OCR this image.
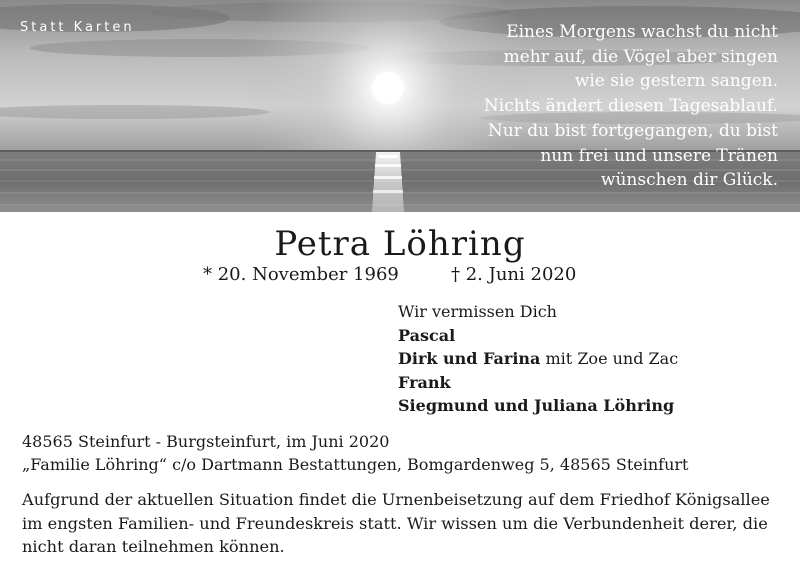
Statt Karten	Eines Morgens wachst du nicht
mehr auf, die Vögel aber singen
wie sie gestern sangen.
Nichts ändert diesen Tagesablauf.
Nur du bist fortgegangen, du bist
nun frei und unsere Tränen
wünschen dir Glück.
Petra Löhring
* 20. November 1969	† 2. Juni 2020
Wir vermissen Dich
Pascal
Dirk und Farina mit Zoe und Zac
Frank
Siegmund und Juliana Löhring
48565 Steinfurt - Burgsteinfurt, im Juni 2020
„Familie Löhring“ c/o Dartmann Bestattungen, Bomgardenweg 5, 48565 Steinfurt
Aufgrund der aktuellen Situation findet die Urnenbeisetzung auf dem Friedhof Königsallee im engsten Familien- und Freundeskreis statt. Wir wissen um die Verbundenheit derer, die nicht daran teilnehmen können.
